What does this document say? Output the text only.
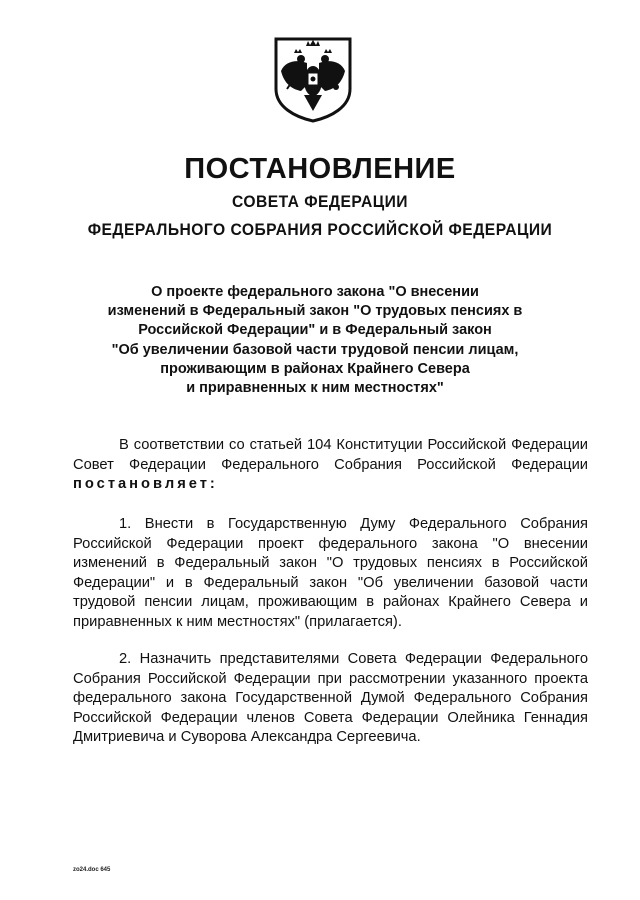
ПОСТАНОВЛЕНИЕ
СОВЕТА ФЕДЕРАЦИИ
ФЕДЕРАЛЬНОГО СОБРАНИЯ РОССИЙСКОЙ ФЕДЕРАЦИИ
О проекте федерального закона "О внесении
изменений в Федеральный закон "О трудовых пенсиях в
Российской Федерации" и в Федеральный закон
"Об увеличении базовой части трудовой пенсии лицам,
проживающим в районах Крайнего Севера
и приравненных к ним местностях"

В соответствии со статьей 104 Конституции Российской Федерации Совет Федерации Федерального Собрания Российской Федерации постановляет:

1. Внести в Государственную Думу Федерального Собрания Российской Федерации проект федерального закона "О внесении изменений в Федеральный закон "О трудовых пенсиях в Российской Федерации" и в Федеральный закон "Об увеличении базовой части трудовой пенсии лицам, проживающим в районах Крайнего Севера и приравненных к ним местностях" (прилагается).

2. Назначить представителями Совета Федерации Федерального Собрания Российской Федерации при рассмотрении указанного проекта федерального закона Государственной Думой Федерального Собрания Российской Федерации членов Совета Федерации Олейника Геннадия Дмитриевича и Суворова Александра Сергеевича.

zo24.doc 645
